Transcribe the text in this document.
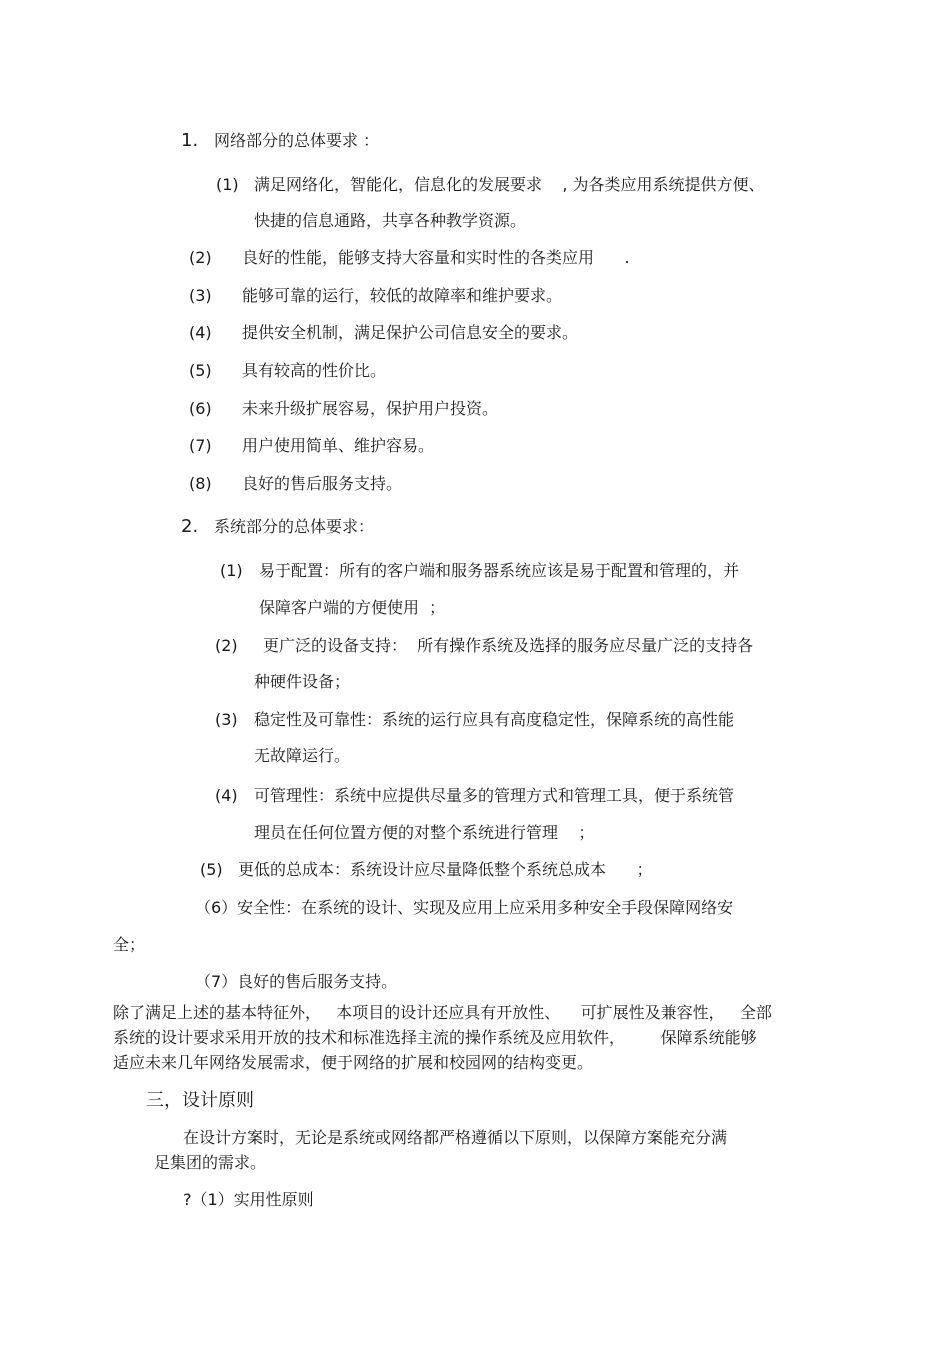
1. 网络部分的总体要求 ：
(1) 满足网络化，智能化，信息化的发展要求    , 为各类应用系统提供方便、
快捷的信息通路，共享各种教学资源。
(2) 良好的性能，能够支持大容量和实时性的各类应用      .
(3) 能够可靠的运行，较低的故障率和维护要求。
(4) 提供安全机制，满足保护公司信息安全的要求。
(5) 具有较高的性价比。
(6) 未来升级扩展容易，保护用户投资。
(7) 用户使用简单、维护容易。
(8) 良好的售后服务支持。
2. 系统部分的总体要求：
(1) 易于配置：所有的客户端和服务器系统应该是易于配置和管理的，并
保障客户端的方便使用  ；
(2) 更广泛的设备支持：  所有操作系统及选择的服务应尽量广泛的支持各
种硬件设备；
(3) 稳定性及可靠性：系统的运行应具有高度稳定性，保障系统的高性能
无故障运行。
(4) 可管理性：系统中应提供尽量多的管理方式和管理工具，便于系统管
理员在任何位置方便的对整个系统进行管理    ；
(5) 更低的总成本：系统设计应尽量降低整个系统总成本      ；
（6）安全性：在系统的设计、实现及应用上应采用多种安全手段保障网络安
全；
（7）良好的售后服务支持。
除了满足上述的基本特征外，   本项目的设计还应具有开放性、    可扩展性及兼容性，   全部
系统的设计要求采用开放的技术和标准选择主流的操作系统及应用软件，       保障系统能够
适应未来几年网络发展需求，便于网络的扩展和校园网的结构变更。
三，设计原则
在设计方案时，无论是系统或网络都严格遵循以下原则，以保障方案能充分满
足集团的需求。
?（1）实用性原则
